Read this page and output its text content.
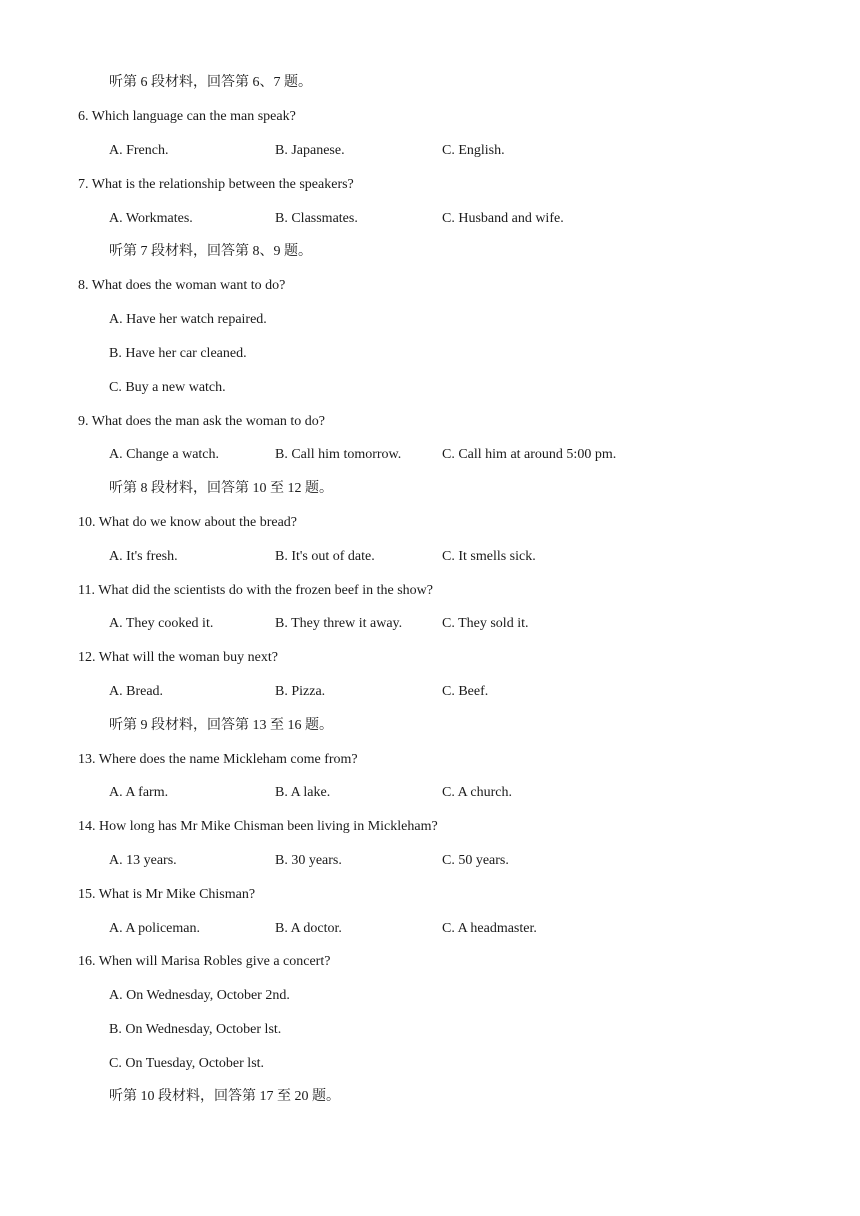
听第 6 段材料，回答第 6、7 题。
6. Which language can the man speak?
A. French.	B. Japanese.	C. English.
7. What is the relationship between the speakers?
A. Workmates.	B. Classmates.	C. Husband and wife.
听第 7 段材料，回答第 8、9 题。
8. What does the woman want to do?
A. Have her watch repaired.
B. Have her car cleaned.
C. Buy a new watch.
9. What does the man ask the woman to do?
A. Change a watch.	B. Call him tomorrow.	C. Call him at around 5:00 pm.
听第 8 段材料，回答第 10 至 12 题。
10. What do we know about the bread?
A. It's fresh.	B. It's out of date.	C. It smells sick.
11. What did the scientists do with the frozen beef in the show?
A. They cooked it.	B. They threw it away.	C. They sold it.
12. What will the woman buy next?
A. Bread.	B. Pizza.	C. Beef.
听第 9 段材料，回答第 13 至 16 题。
13. Where does the name Mickleham come from?
A. A farm.	B. A lake.	C. A church.
14. How long has Mr Mike Chisman been living in Mickleham?
A. 13 years.	B. 30 years.	C. 50 years.
15. What is Mr Mike Chisman?
A. A policeman.	B. A doctor.	C. A headmaster.
16. When will Marisa Robles give a concert?
A. On Wednesday, October 2nd.
B. On Wednesday, October lst.
C. On Tuesday, October lst.
听第 10 段材料，回答第 17 至 20 题。
